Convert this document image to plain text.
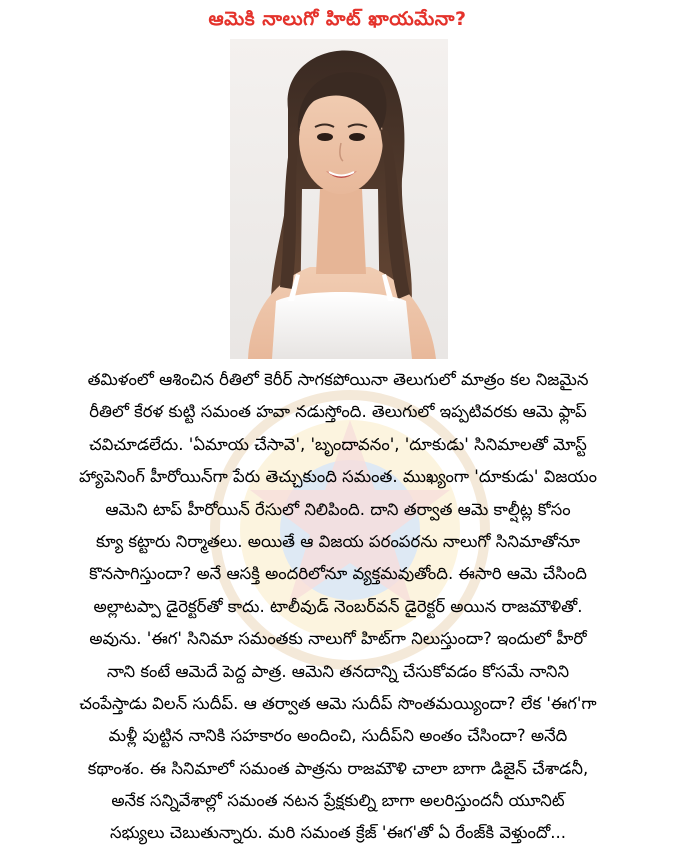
ఆమెకి నాలుగో హిట్ ఖాయమేనా?

తమిళంలో ఆశించిన రీతిలో కెరీర్ సాగకపోయినా తెలుగులో మాత్రం కల నిజమైన

రీతిలో కేరళ కుట్టి సమంత హవా నడుస్తోంది. తెలుగులో ఇప్పటివరకు ఆమె ఫ్లాప్

చవిచూడలేదు. 'ఏమాయ చేసావె', 'బృందావనం', 'దూకుడు' సినిమాలతో మోస్ట్

హ్యాపెనింగ్ హీరోయిన్‌గా పేరు తెచ్చుకుంది సమంత. ముఖ్యంగా 'దూకుడు' విజయం

ఆమెని టాప్ హీరోయిన్ రేసులో నిలిపింది. దాని తర్వాత ఆమె కాల్షీట్ల కోసం

క్యూ కట్టారు నిర్మాతలు. అయితే ఆ విజయ పరంపరను నాలుగో సినిమాతోనూ

కొనసాగిస్తుందా? అనే ఆసక్తి అందరిలోనూ వ్యక్తమవుతోంది. ఈసారి ఆమె చేసింది

అల్లాటప్పా డైరెక్టర్‌తో కాదు. టాలీవుడ్ నెంబర్‌వన్ డైరెక్టర్ అయిన రాజమౌళితో.

అవును. 'ఈగ' సినిమా సమంతకు నాలుగో హిట్‌గా నిలుస్తుందా? ఇందులో హీరో

నాని కంటే ఆమెదే పెద్ద పాత్ర. ఆమెని తనదాన్ని చేసుకోవడం కోసమే నానిని

చంపేస్తాడు విలన్ సుదీప్. ఆ తర్వాత ఆమె సుదీప్ సొంతమయ్యిందా? లేక 'ఈగ'గా

మళ్లీ పుట్టిన నానికి సహకారం అందించి, సుదీప్‌ని అంతం చేసిందా? అనేది

కథాంశం. ఈ సినిమాలో సమంత పాత్రను రాజమౌళి చాలా బాగా డిజైన్ చేశాడనీ,

అనేక సన్నివేశాల్లో సమంత నటన ప్రేక్షకుల్ని బాగా అలరిస్తుందనీ యూనిట్

సభ్యులు చెబుతున్నారు. మరి సమంత క్రేజ్ 'ఈగ'తో ఏ రేంజ్‌కి వెళ్తుందో...
